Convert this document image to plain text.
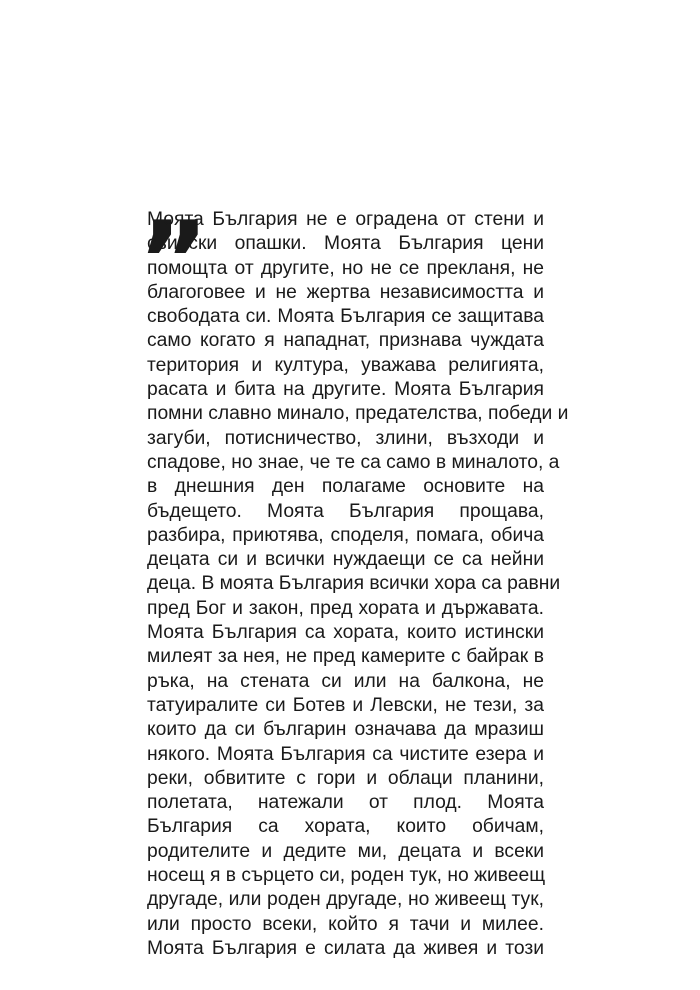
„
Моята България не е оградена от стени и
свински опашки. Моята България цени
помощта от другите, но не се прекланя, не
благоговее и не жертва независимостта и
свободата си. Моята България се защитава
само когато я нападнат, признава чуждата
територия и култура, уважава религията,
расата и бита на другите. Моята България
помни славно минало, предателства, победи и
загуби, потисничество, злини, възходи и
спадове, но знае, че те са само в миналото, а
в днешния ден полагаме основите на
бъдещето. Моята България прощава,
разбира, приютява, споделя, помага, обича
децата си и всички нуждаещи се са нейни
деца. В моята България всички хора са равни
пред Бог и закон, пред хората и държавата.
Моята България са хората, които истински
милеят за нея, не пред камерите с байрак в
ръка, на стената си или на балкона, не
татуиралите си Ботев и Левски, не тези, за
които да си българин означава да мразиш
някого. Моята България са чистите езера и
реки, обвитите с гори и облаци планини,
полетата, натежали от плод. Моята
България са хората, които обичам,
родителите и дедите ми, децата и всеки
носещ я в сърцето си, роден тук, но живеещ
другаде, или роден другаде, но живеещ тук,
или просто всеки, който я тачи и милее.
Моята България е силата да живея и този
